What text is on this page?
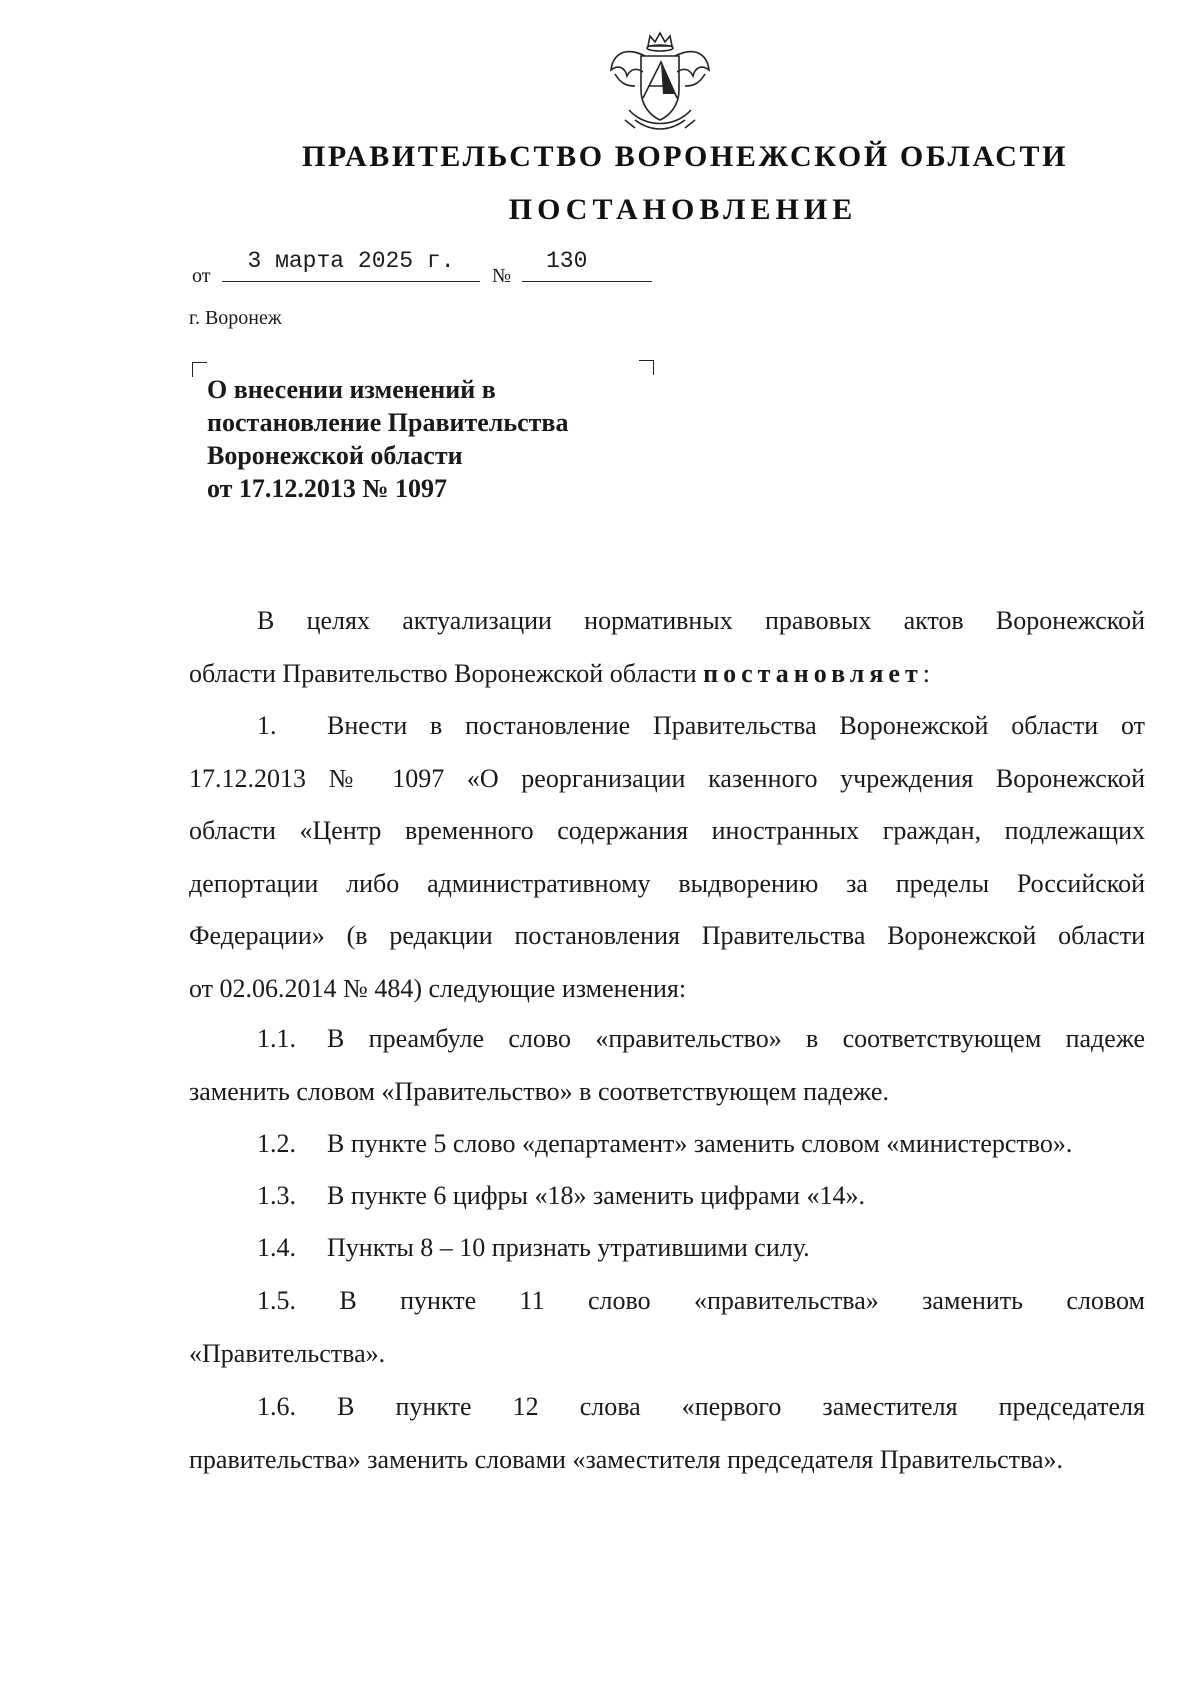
ПРАВИТЕЛЬСТВО ВОРОНЕЖСКОЙ ОБЛАСТИ
ПОСТАНОВЛЕНИЕ
от
3 марта 2025 г.
№
130
г. Воронеж
О внесении изменений в
постановление Правительства
Воронежской области
от 17.12.2013 № 1097
В целях актуализации нормативных правовых актов Воронежской
области Правительство Воронежской области постановляет:
1. Внести в постановление Правительства Воронежской области от
17.12.2013 № 1097 «О реорганизации казенного учреждения Воронежской
области «Центр временного содержания иностранных граждан, подлежащих
депортации либо административному выдворению за пределы Российской
Федерации» (в редакции постановления Правительства Воронежской области
от 02.06.2014 № 484) следующие изменения:
1.1. В преамбуле слово «правительство» в соответствующем падеже
заменить словом «Правительство» в соответствующем падеже.
1.2. В пункте 5 слово «департамент» заменить словом «министерство».
1.3. В пункте 6 цифры «18» заменить цифрами «14».
1.4. Пункты 8 – 10 признать утратившими силу.
1.5. В пункте 11 слово «правительства» заменить словом
«Правительства».
1.6. В пункте 12 слова «первого заместителя председателя
правительства» заменить словами «заместителя председателя Правительства».
